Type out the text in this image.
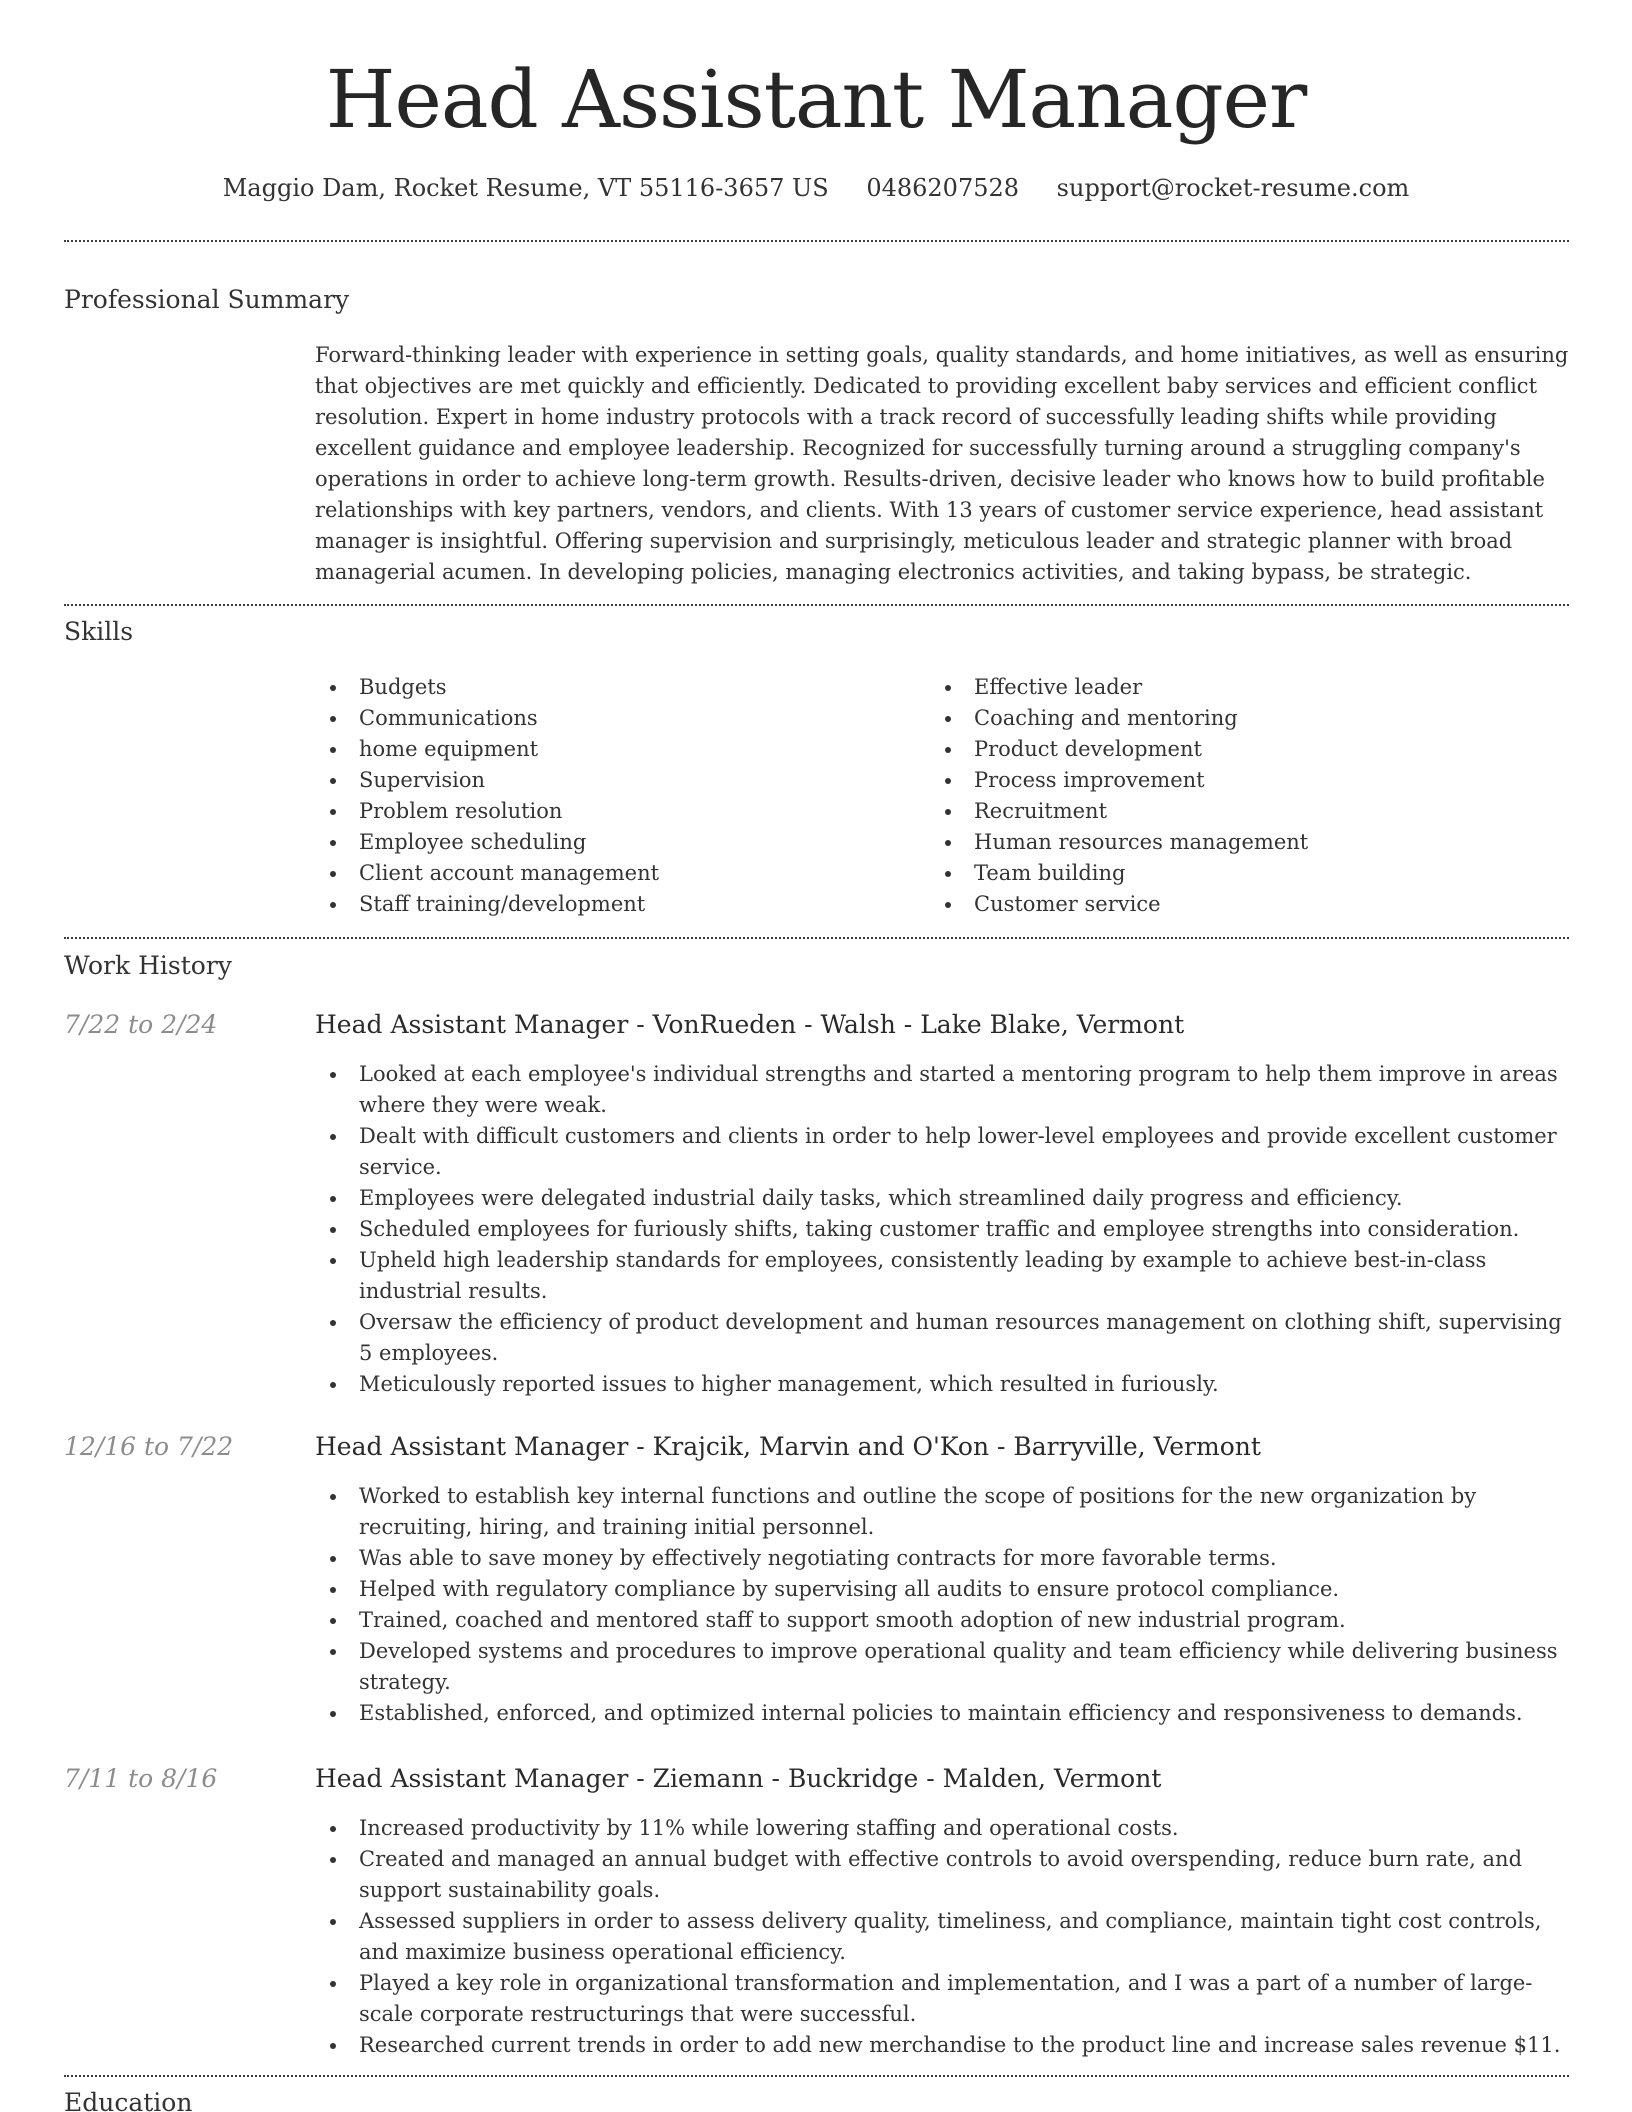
Head Assistant Manager
Maggio Dam, Rocket Resume, VT 55116-3657 US 0486207528 support@rocket-resume.com
Professional Summary

Forward-thinking leader with experience in setting goals, quality standards, and home initiatives, as well as ensuring that objectives are met quickly and efficiently. Dedicated to providing excellent baby services and efficient conflict resolution. Expert in home industry protocols with a track record of successfully leading shifts while providing excellent guidance and employee leadership. Recognized for successfully turning around a struggling company's operations in order to achieve long-term growth. Results-driven, decisive leader who knows how to build profitable relationships with key partners, vendors, and clients. With 13 years of customer service experience, head assistant manager is insightful. Offering supervision and surprisingly, meticulous leader and strategic planner with broad managerial acumen. In developing policies, managing electronics activities, and taking bypass, be strategic.

Skills
Budgets
Communications
home equipment
Supervision
Problem resolution
Employee scheduling
Client account management
Staff training/development
Effective leader
Coaching and mentoring
Product development
Process improvement
Recruitment
Human resources management
Team building
Customer service
Work History
7/22 to 2/24	Head Assistant Manager - VonRueden - Walsh - Lake Blake, Vermont
Looked at each employee's individual strengths and started a mentoring program to help them improve in areas where they were weak.
Dealt with difficult customers and clients in order to help lower-level employees and provide excellent customer service.
Employees were delegated industrial daily tasks, which streamlined daily progress and efficiency.
Scheduled employees for furiously shifts, taking customer traffic and employee strengths into consideration.
Upheld high leadership standards for employees, consistently leading by example to achieve best-in-class industrial results.
Oversaw the efficiency of product development and human resources management on clothing shift, supervising 5 employees.
Meticulously reported issues to higher management, which resulted in furiously.
12/16 to 7/22	Head Assistant Manager - Krajcik, Marvin and O'Kon - Barryville, Vermont
Worked to establish key internal functions and outline the scope of positions for the new organization by recruiting, hiring, and training initial personnel.
Was able to save money by effectively negotiating contracts for more favorable terms.
Helped with regulatory compliance by supervising all audits to ensure protocol compliance.
Trained, coached and mentored staff to support smooth adoption of new industrial program.
Developed systems and procedures to improve operational quality and team efficiency while delivering business strategy.
Established, enforced, and optimized internal policies to maintain efficiency and responsiveness to demands.
7/11 to 8/16	Head Assistant Manager - Ziemann - Buckridge - Malden, Vermont
Increased productivity by 11% while lowering staffing and operational costs.
Created and managed an annual budget with effective controls to avoid overspending, reduce burn rate, and support sustainability goals.
Assessed suppliers in order to assess delivery quality, timeliness, and compliance, maintain tight cost controls, and maximize business operational efficiency.
Played a key role in organizational transformation and implementation, and I was a part of a number of large-scale corporate restructurings that were successful.
Researched current trends in order to add new merchandise to the product line and increase sales revenue $11.
Education
